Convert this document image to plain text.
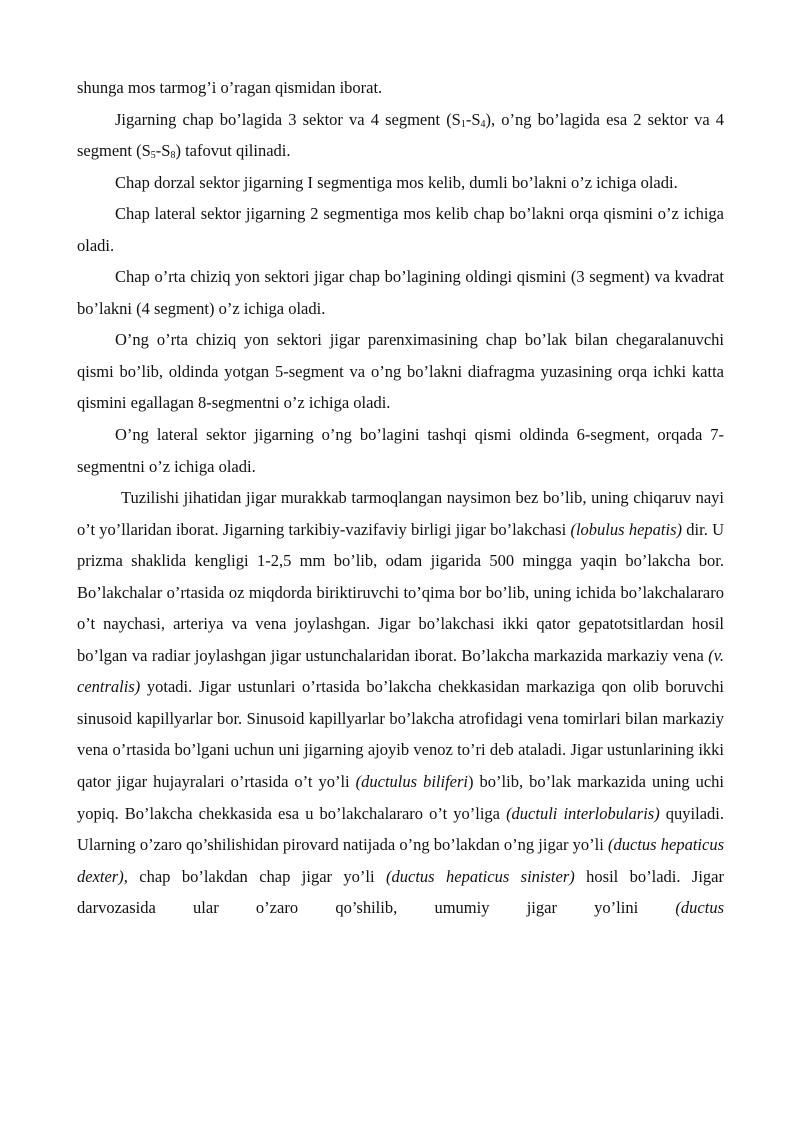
shunga mos tarmog’i o’ragan qismidan iborat.

Jigarning chap bo’lagida 3 sektor va 4 segment $(S_1-S_4)$, o’ng bo’lagida esa 2 sektor va 4 segment $(S_5-S_8)$ tafovut qilinadi.

Chap dorzal sektor jigarning I segmentiga mos kelib, dumli bo’lakni o’z ichiga oladi.

Chap lateral sektor jigarning 2 segmentiga mos kelib chap bo’lakni orqa qismini o’z ichiga oladi.

Chap o’rta chiziq yon sektori jigar chap bo’lagining oldingi qismini (3 segment) va kvadrat bo’lakni (4 segment) o’z ichiga oladi.

O’ng o’rta chiziq yon sektori jigar parenximasining chap bo’lak bilan chegaralanuvchi qismi bo’lib, oldinda yotgan 5-segment va o’ng bo’lakni diafragma yuzasining orqa ichki katta qismini egallagan 8-segmentni o’z ichiga oladi.

O’ng lateral sektor jigarning o’ng bo’lagini tashqi qismi oldinda 6-segment, orqada 7-segmentni o’z ichiga oladi.

Tuzilishi jihatidan jigar murakkab tarmoqlangan naysimon bez bo’lib, uning chiqaruv nayi o’t yo’llaridan iborat. Jigarning tarkibiy-vazifaviy birligi jigar bo’lakchasi (lobulus hepatis) dir. U prizma shaklida kengligi 1-2,5 mm bo’lib, odam jigarida 500 mingga yaqin bo’lakcha bor. Bo’lakchalar o’rtasida oz miqdorda biriktiruvchi to’qima bor bo’lib, uning ichida bo’lakchalararo o’t naychasi, arteriya va vena joylashgan. Jigar bo’lakchasi ikki qator gepatotsitlardan hosil bo’lgan va radiar joylashgan jigar ustunchalaridan iborat. Bo’lakcha markazida markaziy vena (v. centralis) yotadi. Jigar ustunlari o’rtasida bo’lakcha chekkasidan markaziga qon olib boruvchi sinusoid kapillyarlar bor. Sinusoid kapillyarlar bo’lakcha atrofidagi vena tomirlari bilan markaziy vena o’rtasida bo’lgani uchun uni jigarning ajoyib venoz to’ri deb ataladi. Jigar ustunlarining ikki qator jigar hujayralari o’rtasida o’t yo’li (ductulus biliferi) bo’lib, bo’lak markazida uning uchi yopiq. Bo’lakcha chekkasida esa u bo’lakchalararo o’t yo’liga (ductuli interlobularis) quyiladi. Ularning o’zaro qo’shilishidan pirovard natijada o’ng bo’lakdan o’ng jigar yo’li (ductus hepaticus dexter), chap bo’lakdan chap jigar yo’li (ductus hepaticus sinister) hosil bo’ladi. Jigar darvozasida ular o’zaro qo’shilib, umumiy jigar yo’lini (ductus
